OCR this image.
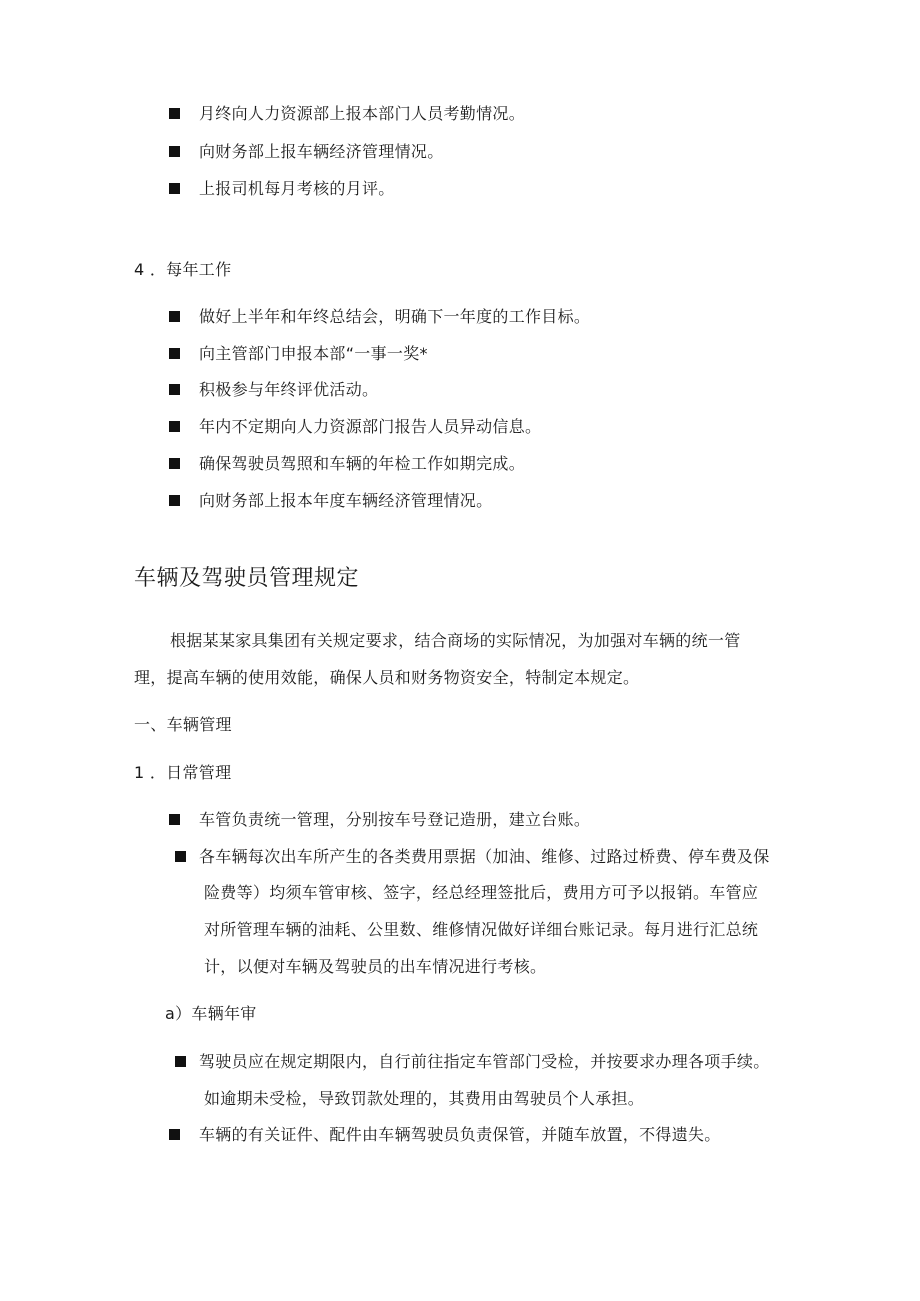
月终向人力资源部上报本部门人员考勤情况。
向财务部上报车辆经济管理情况。
上报司机每月考核的月评。
4 ．每年工作
做好上半年和年终总结会，明确下一年度的工作目标。
向主管部门申报本部“一事一奖*
积极参与年终评优活动。
年内不定期向人力资源部门报告人员异动信息。
确保驾驶员驾照和车辆的年检工作如期完成。
向财务部上报本年度车辆经济管理情况。
车辆及驾驶员管理规定
根据某某家具集团有关规定要求，结合商场的实际情况，为加强对车辆的统一管
理，提高车辆的使用效能，确保人员和财务物资安全，特制定本规定。
一、车辆管理
1 ．日常管理
车管负责统一管理，分别按车号登记造册，建立台账。
各车辆每次出车所产生的各类费用票据（加油、维修、过路过桥费、停车费及保
险费等）均须车管审核、签字，经总经理签批后，费用方可予以报销。车管应
对所管理车辆的油耗、公里数、维修情况做好详细台账记录。每月进行汇总统
计，以便对车辆及驾驶员的出车情况进行考核。
a）车辆年审
驾驶员应在规定期限内，自行前往指定车管部门受检，并按要求办理各项手续。
如逾期未受检，导致罚款处理的，其费用由驾驶员个人承担。
车辆的有关证件、配件由车辆驾驶员负责保管，并随车放置，不得遗失。
